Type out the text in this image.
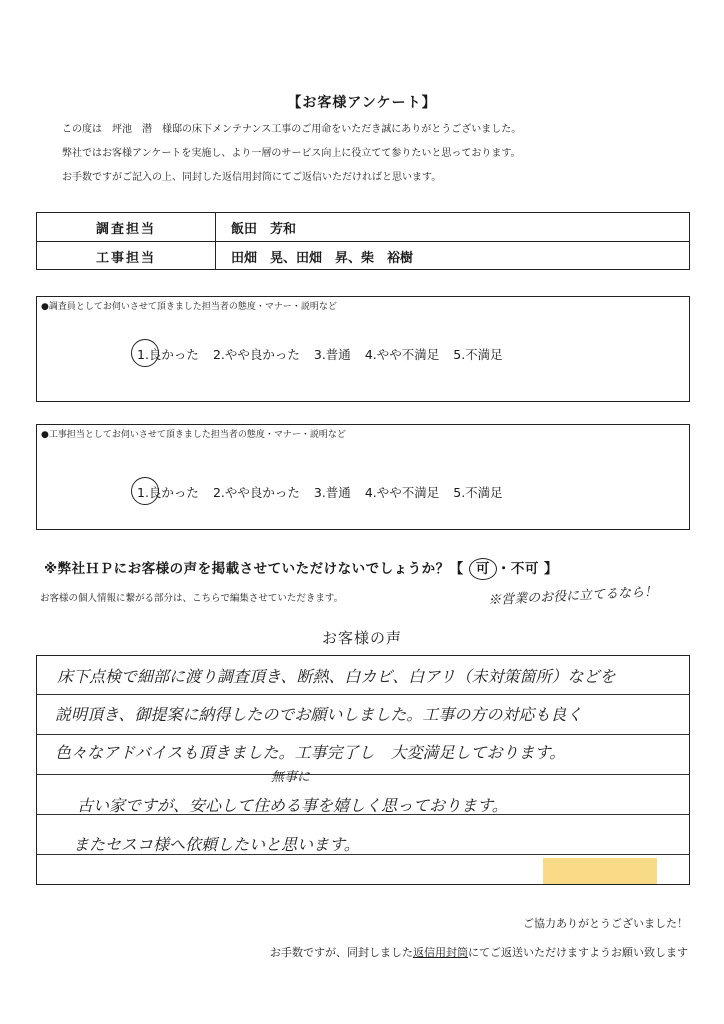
【お客様アンケート】
この度は　坪池　潜　様邸の床下メンテナンス工事のご用命をいただき誠にありがとうございました。
弊社ではお客様アンケートを実施し、より一層のサービス向上に役立てて参りたいと思っております。
お手数ですがご記入の上、同封した返信用封筒にてご返信いただければと思います。
調査担当	飯田　芳和
工事担当	田畑　晃、田畑　昇、柴　裕樹
●調査員としてお伺いさせて頂きました担当者の態度・マナー・説明など
1.良かった 2.やや良かった 3.普通 4.やや不満足 5.不満足
●工事担当としてお伺いさせて頂きました担当者の態度・マナー・説明など
1.良かった 2.やや良かった 3.普通 4.やや不満足 5.不満足
※弊社ＨＰにお客様の声を掲載させていただけないでしょうか？【 可 ・不可 】
お客様の個人情報に繋がる部分は、こちらで編集させていただきます。	※営業のお役に立てるなら！
お客様の声
床下点検で細部に渡り調査頂き、断熱、白カビ、白アリ（未対策箇所）などを
説明頂き、御提案に納得したのでお願いしました。工事の方の対応も良く
色々なアドバイスも頂きました。工事完了し　大変満足しております。
無事に
古い家ですが、安心して住める事を嬉しく思っております。
またセスコ様へ依頼したいと思います。
ご協力ありがとうございました！
お手数ですが、同封しました返信用封筒にてご返送いただけますようお願い致します
